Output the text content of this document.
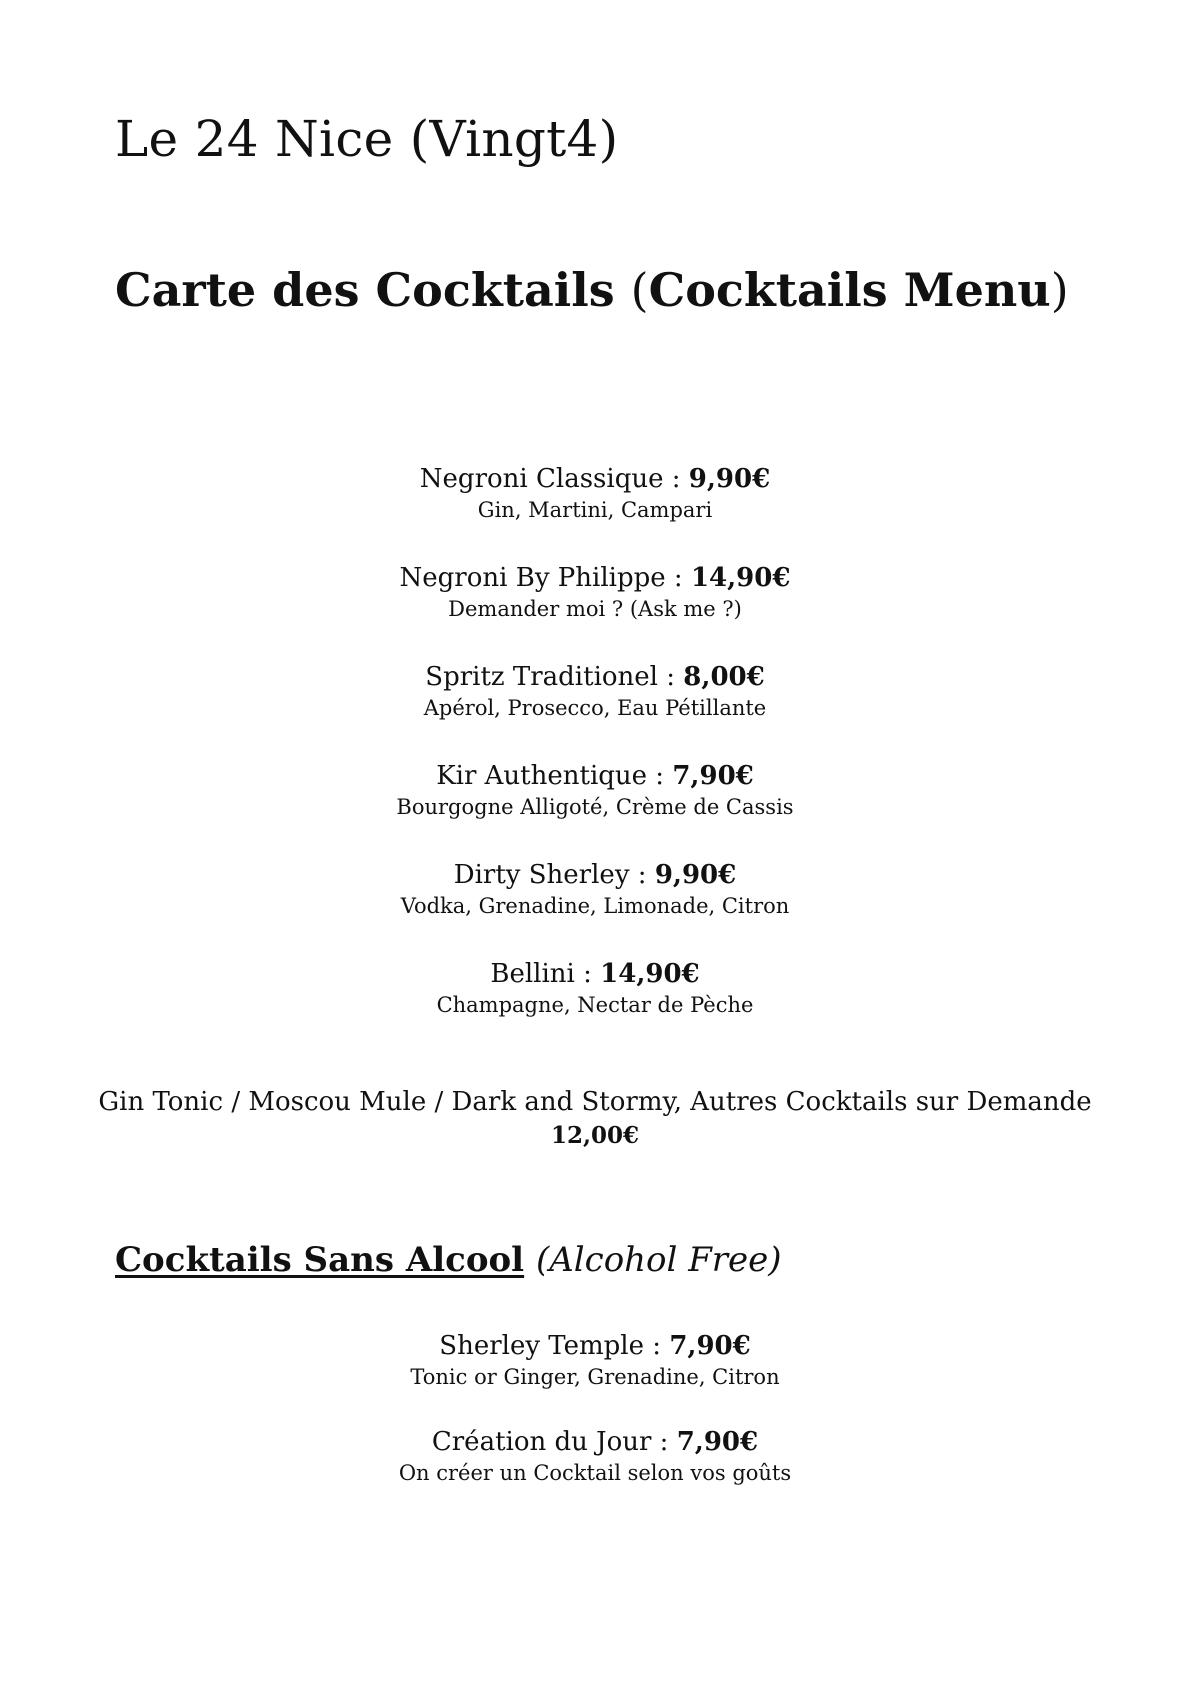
Le 24 Nice (Vingt4)
Carte des Cocktails (Cocktails Menu)
Negroni Classique : 9,90€
Gin, Martini, Campari
Negroni By Philippe : 14,90€
Demander moi ? (Ask me ?)
Spritz Traditionel : 8,00€
Apérol, Prosecco, Eau Pétillante
Kir Authentique : 7,90€
Bourgogne Alligoté, Crème de Cassis
Dirty Sherley : 9,90€
Vodka, Grenadine, Limonade, Citron
Bellini : 14,90€
Champagne, Nectar de Pèche
Gin Tonic / Moscou Mule / Dark and Stormy, Autres Cocktails sur Demande
12,00€
Cocktails Sans Alcool (Alcohol Free)
Sherley Temple : 7,90€
Tonic or Ginger, Grenadine, Citron
Création du Jour : 7,90€
On créer un Cocktail selon vos goûts
